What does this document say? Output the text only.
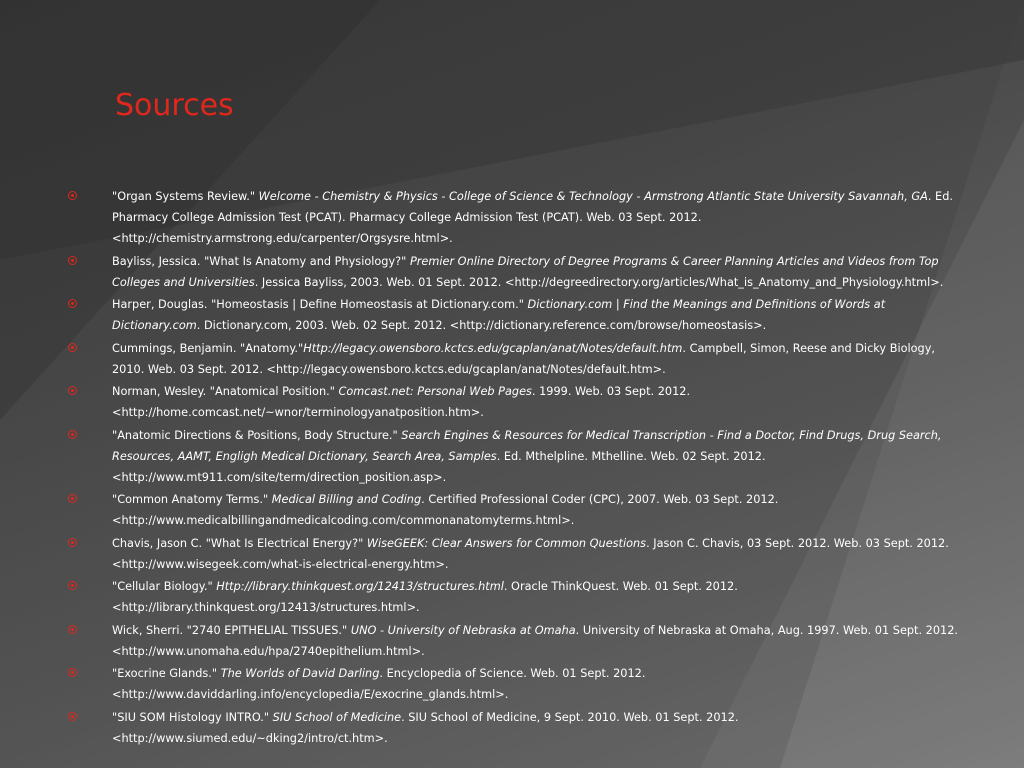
Sources
"Organ Systems Review." Welcome - Chemistry & Physics - College of Science & Technology - Armstrong Atlantic State University Savannah, GA. Ed. Pharmacy College Admission Test (PCAT). Pharmacy College Admission Test (PCAT). Web. 03 Sept. 2012. <http://chemistry.armstrong.edu/carpenter/Orgsysre.html>.
Bayliss, Jessica. "What Is Anatomy and Physiology?" Premier Online Directory of Degree Programs & Career Planning Articles and Videos from Top Colleges and Universities. Jessica Bayliss, 2003. Web. 01 Sept. 2012. <http://degreedirectory.org/articles/What_is_Anatomy_and_Physiology.html>.
Harper, Douglas. "Homeostasis | Define Homeostasis at Dictionary.com." Dictionary.com | Find the Meanings and Definitions of Words at Dictionary.com. Dictionary.com, 2003. Web. 02 Sept. 2012. <http://dictionary.reference.com/browse/homeostasis>.
Cummings, Benjamin. "Anatomy."Http://legacy.owensboro.kctcs.edu/gcaplan/anat/Notes/default.htm. Campbell, Simon, Reese and Dicky Biology, 2010. Web. 03 Sept. 2012. <http://legacy.owensboro.kctcs.edu/gcaplan/anat/Notes/default.htm>.
Norman, Wesley. "Anatomical Position." Comcast.net: Personal Web Pages. 1999. Web. 03 Sept. 2012. <http://home.comcast.net/~wnor/terminologyanatposition.htm>.
"Anatomic Directions & Positions, Body Structure." Search Engines & Resources for Medical Transcription - Find a Doctor, Find Drugs, Drug Search, Resources, AAMT, Engligh Medical Dictionary, Search Area, Samples. Ed. Mthelpline. Mthelline. Web. 02 Sept. 2012. <http://www.mt911.com/site/term/direction_position.asp>.
"Common Anatomy Terms." Medical Billing and Coding. Certified Professional Coder (CPC), 2007. Web. 03 Sept. 2012. <http://www.medicalbillingandmedicalcoding.com/commonanatomyterms.html>.
Chavis, Jason C. "What Is Electrical Energy?" WiseGEEK: Clear Answers for Common Questions. Jason C. Chavis, 03 Sept. 2012. Web. 03 Sept. 2012. <http://www.wisegeek.com/what-is-electrical-energy.htm>.
"Cellular Biology." Http://library.thinkquest.org/12413/structures.html. Oracle ThinkQuest. Web. 01 Sept. 2012. <http://library.thinkquest.org/12413/structures.html>.
Wick, Sherri. "2740 EPITHELIAL TISSUES." UNO - University of Nebraska at Omaha. University of Nebraska at Omaha, Aug. 1997. Web. 01 Sept. 2012. <http://www.unomaha.edu/hpa/2740epithelium.html>.
"Exocrine Glands." The Worlds of David Darling. Encyclopedia of Science. Web. 01 Sept. 2012. <http://www.daviddarling.info/encyclopedia/E/exocrine_glands.html>.
"SIU SOM Histology INTRO." SIU School of Medicine. SIU School of Medicine, 9 Sept. 2010. Web. 01 Sept. 2012. <http://www.siumed.edu/~dking2/intro/ct.htm>.
